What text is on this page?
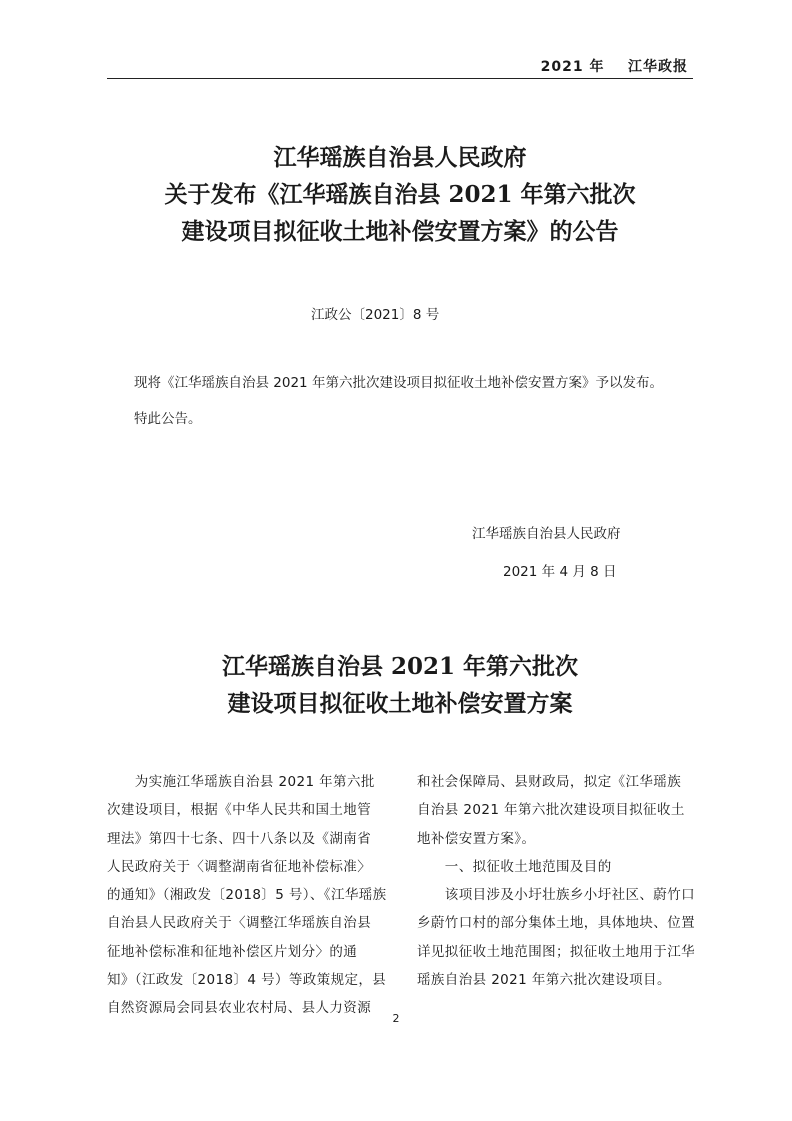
2021 年    江华政报
江华瑶族自治县人民政府
关于发布《江华瑶族自治县 2021 年第六批次
建设项目拟征收土地补偿安置方案》的公告
江政公〔2021〕8 号
现将《江华瑶族自治县 2021 年第六批次建设项目拟征收土地补偿安置方案》予以发布。
特此公告。
江华瑶族自治县人民政府
2021 年 4 月 8 日
江华瑶族自治县 2021 年第六批次
建设项目拟征收土地补偿安置方案
　　为实施江华瑶族自治县 2021 年第六批
次建设项目，根据《中华人民共和国土地管
理法》第四十七条、四十八条以及《湖南省
人民政府关于〈调整湖南省征地补偿标准〉
的通知》（湘政发〔2018〕5 号）、《江华瑶族
自治县人民政府关于〈调整江华瑶族自治县
征地补偿标准和征地补偿区片划分〉的通
知》（江政发〔2018〕4 号）等政策规定，县
自然资源局会同县农业农村局、县人力资源
和社会保障局、县财政局，拟定《江华瑶族
自治县 2021 年第六批次建设项目拟征收土
地补偿安置方案》。
　　一、拟征收土地范围及目的
　　该项目涉及小圩壮族乡小圩社区、蔚竹口
乡蔚竹口村的部分集体土地，具体地块、位置
详见拟征收土地范围图；拟征收土地用于江华
瑶族自治县 2021 年第六批次建设项目。
2
